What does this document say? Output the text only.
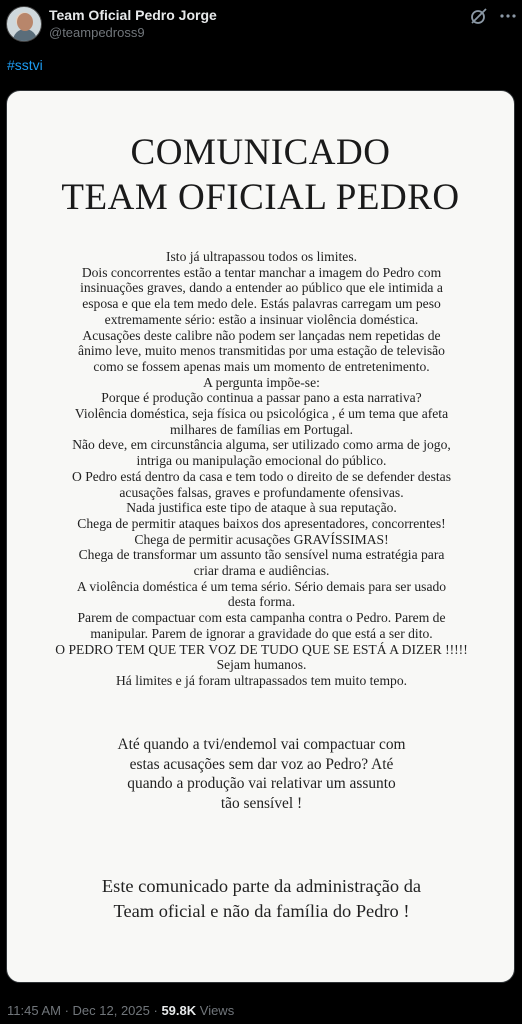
Team Oficial Pedro Jorge
@teampedross9
#sstvi
COMUNICADO
TEAM OFICIAL PEDRO

Isto já ultrapassou todos os limites.

Dois concorrentes estão a tentar manchar a imagem do Pedro com

insinuações graves, dando a entender ao público que ele intimida a

esposa e que ela tem medo dele. Estás palavras carregam um peso

extremamente sério: estão a insinuar violência doméstica.

Acusações deste calibre não podem ser lançadas nem repetidas de

ânimo leve, muito menos transmitidas por uma estação de televisão

como se fossem apenas mais um momento de entretenimento.

A pergunta impõe-se:

Porque é produção continua a passar pano a esta narrativa?

Violência doméstica, seja física ou psicológica , é um tema que afeta

milhares de famílias em Portugal.

Não deve, em circunstância alguma, ser utilizado como arma de jogo,

intriga ou manipulação emocional do público.

O Pedro está dentro da casa e tem todo o direito de se defender destas

acusações falsas, graves e profundamente ofensivas.

Nada justifica este tipo de ataque à sua reputação.

Chega de permitir ataques baixos dos apresentadores, concorrentes!

Chega de permitir acusações GRAVÍSSIMAS!

Chega de transformar um assunto tão sensível numa estratégia para

criar drama e audiências.

A violência doméstica é um tema sério. Sério demais para ser usado

desta forma.

Parem de compactuar com esta campanha contra o Pedro. Parem de

manipular. Parem de ignorar a gravidade do que está a ser dito.

O PEDRO TEM QUE TER VOZ DE TUDO QUE SE ESTÁ A DIZER !!!!!

Sejam humanos.

Há limites e já foram ultrapassados tem muito tempo.

Até quando a tvi/endemol vai compactuar com

estas acusações sem dar voz ao Pedro? Até

quando a produção vai relativar um assunto

tão sensível !

Este comunicado parte da administração da

Team oficial e não da família do Pedro !

11:45 AM · Dec 12, 2025 · 59.8K Views
